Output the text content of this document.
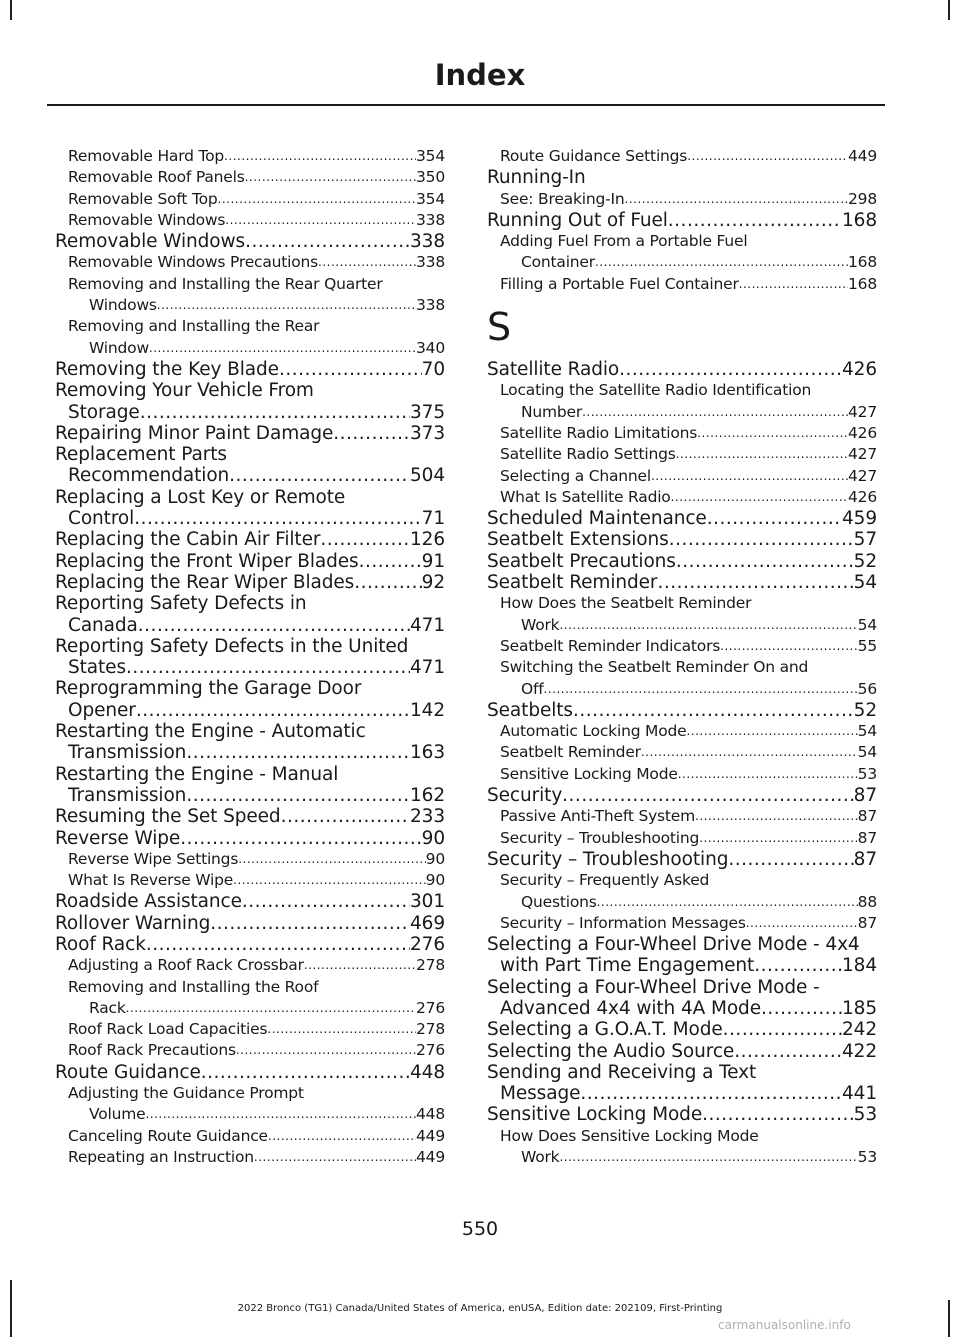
Index
Removable Hard Top .....	354
Removable Roof Panels .....	350
Removable Soft Top .....	354
Removable Windows .....	338
Removable Windows .....	338
Removable Windows Precautions .....	338
Removing and Installing the Rear Quarter
Windows .....	338
Removing and Installing the Rear
Window .....	340
Removing the Key Blade .....	70
Removing Your Vehicle From
Storage .....	375
Repairing Minor Paint Damage .....	373
Replacement Parts
Recommendation .....	504
Replacing a Lost Key or Remote
Control .....	71
Replacing the Cabin Air Filter .....	126
Replacing the Front Wiper Blades .....	91
Replacing the Rear Wiper Blades .....	92
Reporting Safety Defects in
Canada .....	471
Reporting Safety Defects in the United
States .....	471
Reprogramming the Garage Door
Opener .....	142
Restarting the Engine - Automatic
Transmission .....	163
Restarting the Engine - Manual
Transmission .....	162
Resuming the Set Speed .....	233
Reverse Wipe .....	90
Reverse Wipe Settings .....	90
What Is Reverse Wipe .....	90
Roadside Assistance .....	301
Rollover Warning .....	469
Roof Rack .....	276
Adjusting a Roof Rack Crossbar .....	278
Removing and Installing the Roof
Rack .....	276
Roof Rack Load Capacities .....	278
Roof Rack Precautions .....	276
Route Guidance .....	448
Adjusting the Guidance Prompt
Volume .....	448
Canceling Route Guidance .....	449
Repeating an Instruction .....	449
Route Guidance Settings .....	449
Running-In
See: Breaking-In .....	298
Running Out of Fuel .....	168
Adding Fuel From a Portable Fuel
Container .....	168
Filling a Portable Fuel Container .....	168
S
Satellite Radio .....	426
Locating the Satellite Radio Identification
Number .....	427
Satellite Radio Limitations .....	426
Satellite Radio Settings .....	427
Selecting a Channel .....	427
What Is Satellite Radio .....	426
Scheduled Maintenance .....	459
Seatbelt Extensions .....	57
Seatbelt Precautions .....	52
Seatbelt Reminder .....	54
How Does the Seatbelt Reminder
Work .....	54
Seatbelt Reminder Indicators .....	55
Switching the Seatbelt Reminder On and
Off .....	56
Seatbelts .....	52
Automatic Locking Mode .....	54
Seatbelt Reminder .....	54
Sensitive Locking Mode .....	53
Security .....	87
Passive Anti-Theft System .....	87
Security – Troubleshooting .....	87
Security – Troubleshooting .....	87
Security – Frequently Asked
Questions .....	88
Security – Information Messages .....	87
Selecting a Four-Wheel Drive Mode - 4x4
with Part Time Engagement .....	184
Selecting a Four-Wheel Drive Mode -
Advanced 4x4 with 4A Mode .....	185
Selecting a G.O.A.T. Mode .....	242
Selecting the Audio Source .....	422
Sending and Receiving a Text
Message .....	441
Sensitive Locking Mode .....	53
How Does Sensitive Locking Mode
Work .....	53
550
2022 Bronco (TG1) Canada/United States of America, enUSA, Edition date: 202109, First-Printing
carmanualsonline.info
